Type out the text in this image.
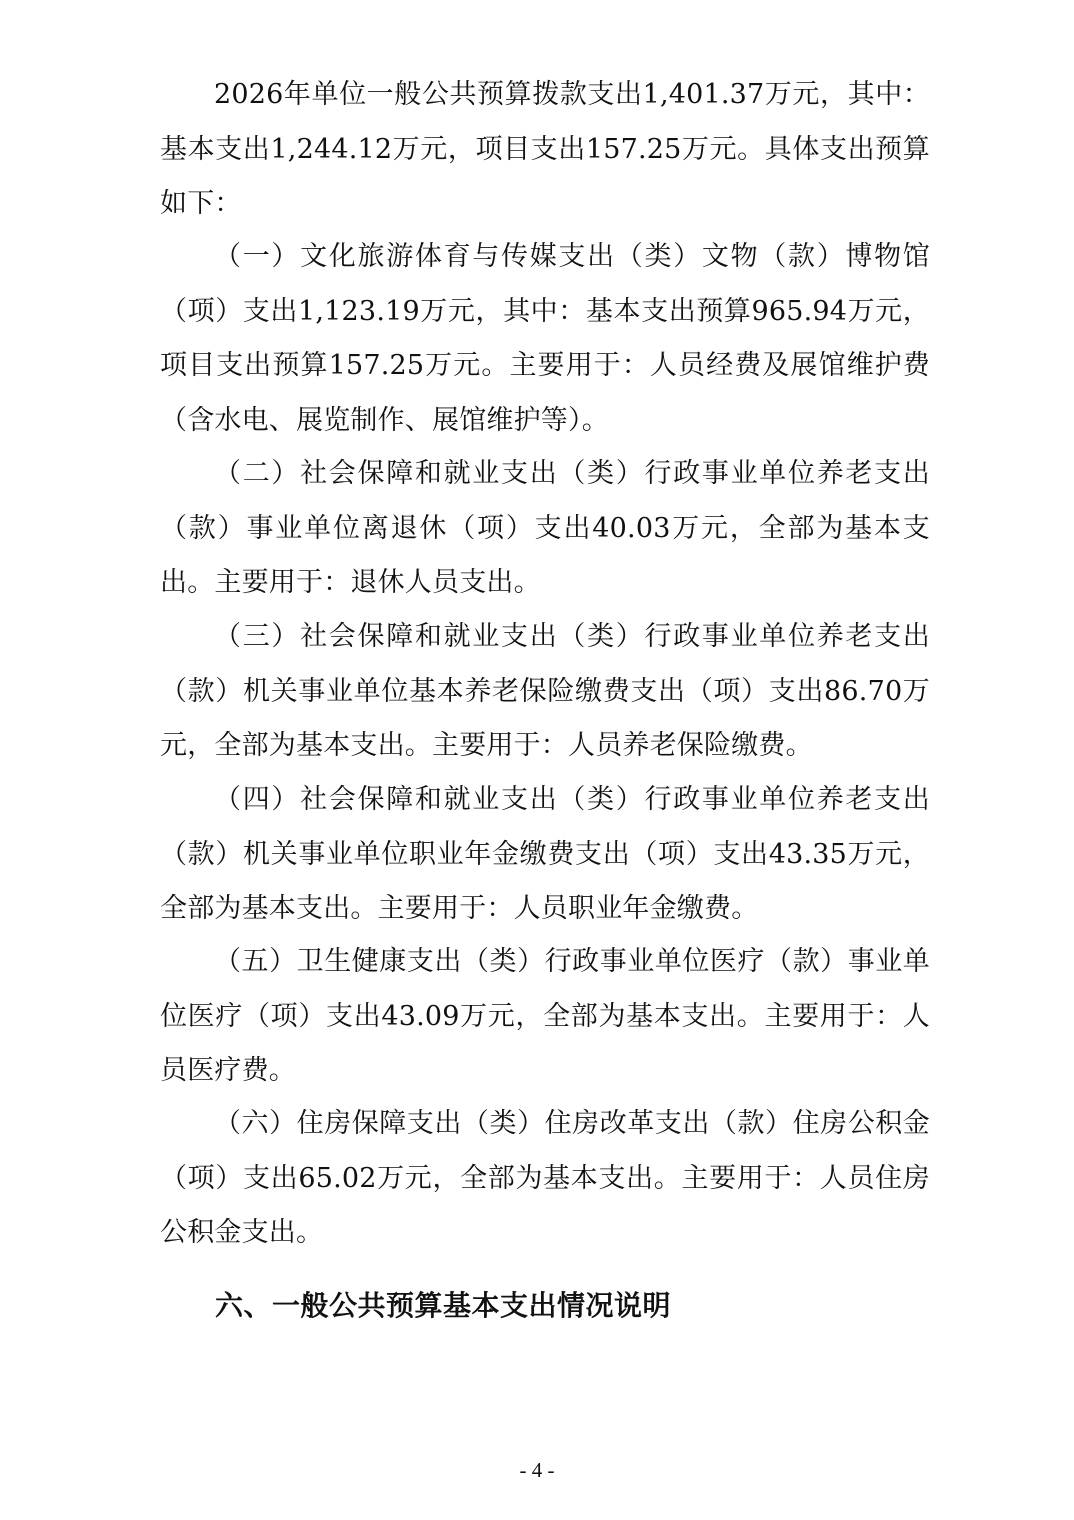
2026年单位一般公共预算拨款支出1,401.37万元，其中：基本支出1,244.12万元，项目支出157.25万元。具体支出预算如下：

（一）文化旅游体育与传媒支出（类）文物（款）博物馆（项）支出1,123.19万元，其中：基本支出预算965.94万元，项目支出预算157.25万元。主要用于：人员经费及展馆维护费（含水电、展览制作、展馆维护等）。

（二）社会保障和就业支出（类）行政事业单位养老支出（款）事业单位离退休（项）支出40.03万元，全部为基本支出。主要用于：退休人员支出。

（三）社会保障和就业支出（类）行政事业单位养老支出（款）机关事业单位基本养老保险缴费支出（项）支出86.70万元，全部为基本支出。主要用于：人员养老保险缴费。

（四）社会保障和就业支出（类）行政事业单位养老支出（款）机关事业单位职业年金缴费支出（项）支出43.35万元，全部为基本支出。主要用于：人员职业年金缴费。

（五）卫生健康支出（类）行政事业单位医疗（款）事业单位医疗（项）支出43.09万元，全部为基本支出。主要用于：人员医疗费。

（六）住房保障支出（类）住房改革支出（款）住房公积金（项）支出65.02万元，全部为基本支出。主要用于：人员住房公积金支出。

六、一般公共预算基本支出情况说明
- 4 -
